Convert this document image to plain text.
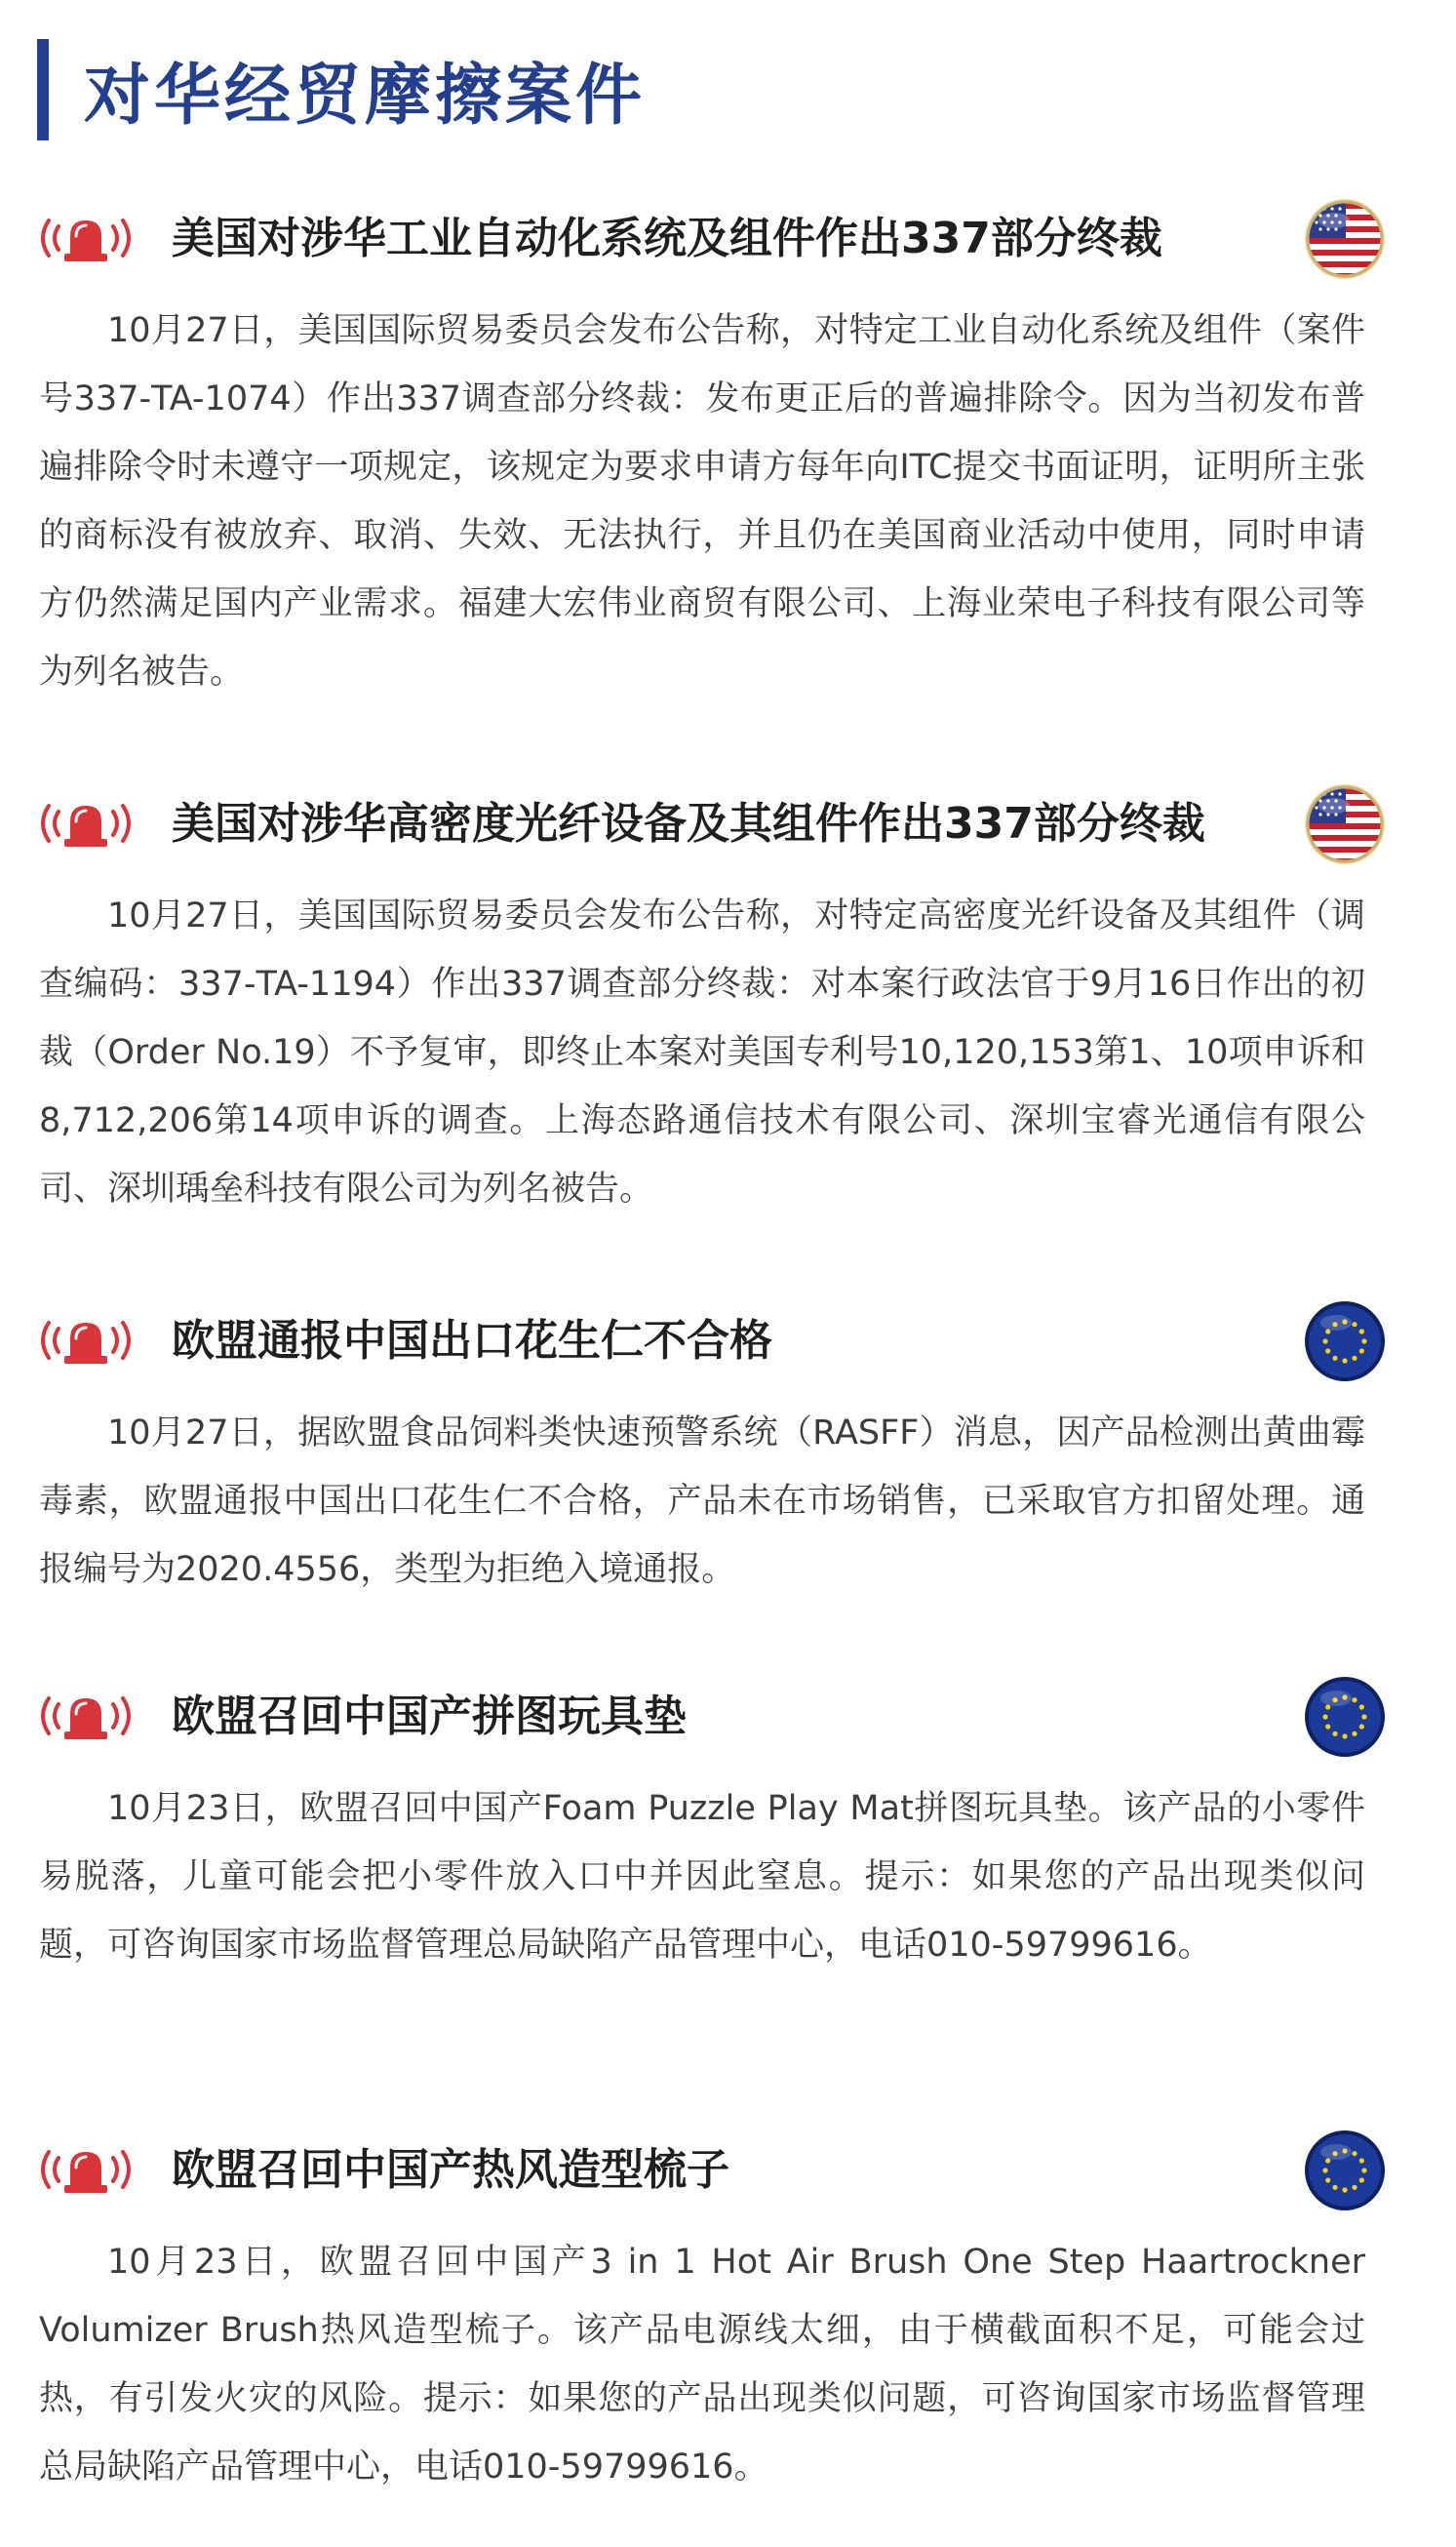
对华经贸摩擦案件
美国对涉华工业自动化系统及组件作出337部分终裁

10月27日，美国国际贸易委员会发布公告称，对特定工业自动化系统及组件（案件号337-TA-1074）作出337调查部分终裁：发布更正后的普遍排除令。因为当初发布普遍排除令时未遵守一项规定，该规定为要求申请方每年向ITC提交书面证明，证明所主张的商标没有被放弃、取消、失效、无法执行，并且仍在美国商业活动中使用，同时申请方仍然满足国内产业需求。福建大宏伟业商贸有限公司、上海业荣电子科技有限公司等为列名被告。

美国对涉华高密度光纤设备及其组件作出337部分终裁

10月27日，美国国际贸易委员会发布公告称，对特定高密度光纤设备及其组件（调查编码：337-TA-1194）作出337调查部分终裁：对本案行政法官于9月16日作出的初裁（Order No.19）不予复审，即终止本案对美国专利号10,120,153第1、10项申诉和8,712,206第14项申诉的调查。上海态路通信技术有限公司、深圳宝睿光通信有限公司、深圳瑀垒科技有限公司为列名被告。

欧盟通报中国出口花生仁不合格

10月27日，据欧盟食品饲料类快速预警系统（RASFF）消息，因产品检测出黄曲霉毒素，欧盟通报中国出口花生仁不合格，产品未在市场销售，已采取官方扣留处理。通报编号为2020.4556，类型为拒绝入境通报。

欧盟召回中国产拼图玩具垫

10月23日，欧盟召回中国产Foam Puzzle Play Mat拼图玩具垫。该产品的小零件易脱落，儿童可能会把小零件放入口中并因此窒息。提示：如果您的产品出现类似问题，可咨询国家市场监督管理总局缺陷产品管理中心，电话010-59799616。

欧盟召回中国产热风造型梳子

10月23日，欧盟召回中国产3 in 1 Hot Air Brush One Step Haartrockner Volumizer Brush热风造型梳子。该产品电源线太细，由于横截面积不足，可能会过热，有引发火灾的风险。提示：如果您的产品出现类似问题，可咨询国家市场监督管理总局缺陷产品管理中心，电话010-59799616。
